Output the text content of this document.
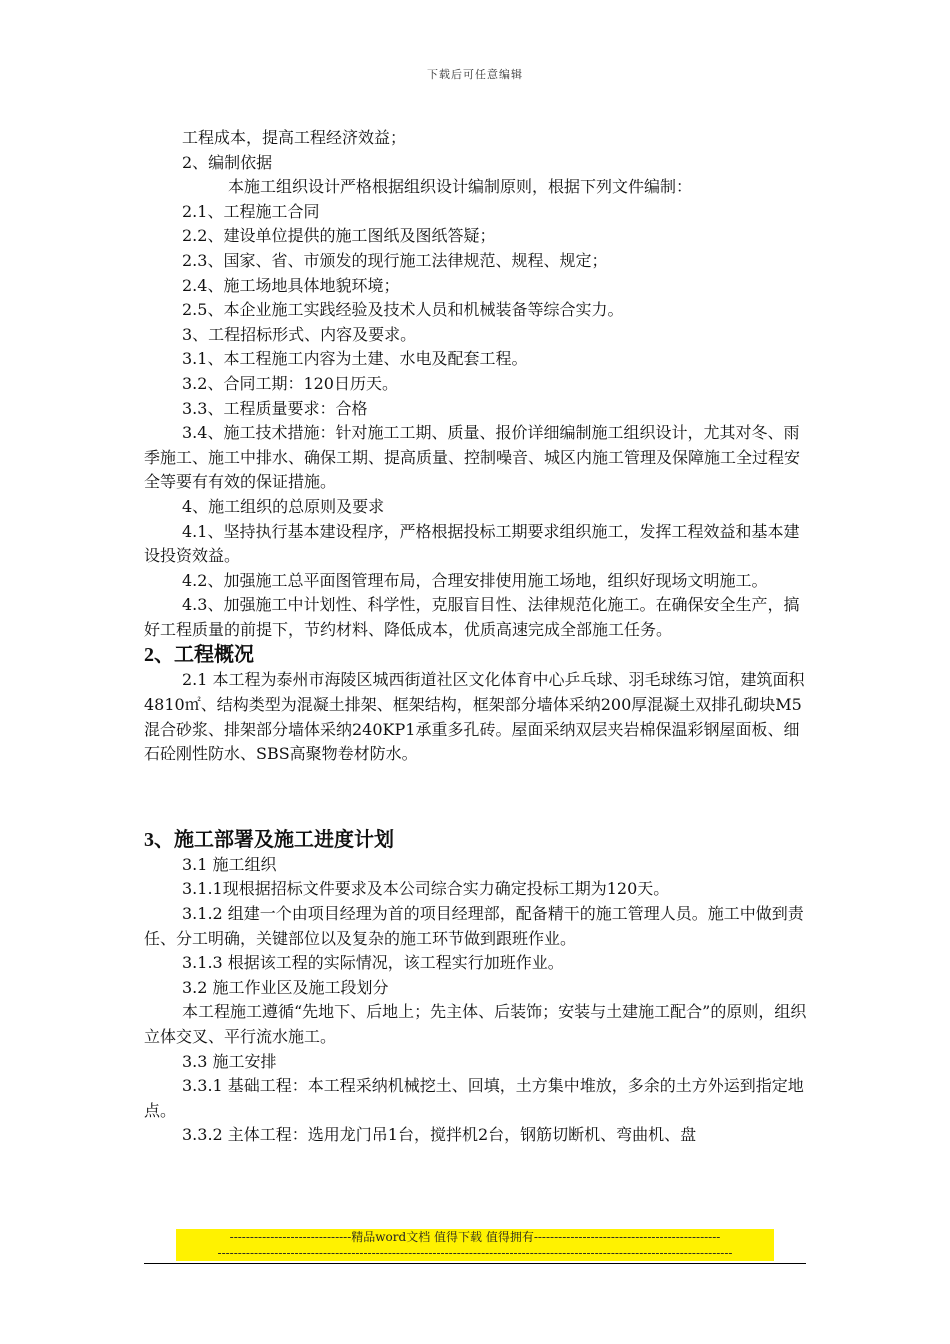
下载后可任意编辑
工程成本，提高工程经济效益；
2、编制依据
本施工组织设计严格根据组织设计编制原则，根据下列文件编制：
2.1、工程施工合同
2.2、建设单位提供的施工图纸及图纸答疑；
2.3、国家、省、市颁发的现行施工法律规范、规程、规定；
2.4、施工场地具体地貌环境；
2.5、本企业施工实践经验及技术人员和机械装备等综合实力。
3、工程招标形式、内容及要求。
3.1、本工程施工内容为土建、水电及配套工程。
3.2、合同工期：120日历天。
3.3、工程质量要求：合格
3.4、施工技术措施：针对施工工期、质量、报价详细编制施工组织设计，尤其对冬、雨季施工、施工中排水、确保工期、提高质量、控制噪音、城区内施工管理及保障施工全过程安全等要有有效的保证措施。
4、施工组织的总原则及要求
4.1、坚持执行基本建设程序，严格根据投标工期要求组织施工，发挥工程效益和基本建设投资效益。
4.2、加强施工总平面图管理布局，合理安排使用施工场地，组织好现场文明施工。
4.3、加强施工中计划性、科学性，克服盲目性、法律规范化施工。在确保安全生产，搞好工程质量的前提下，节约材料、降低成本，优质高速完成全部施工任务。
2、工程概况
2.1 本工程为泰州市海陵区城西街道社区文化体育中心乒乓球、羽毛球练习馆，建筑面积4810㎡、结构类型为混凝土排架、框架结构，框架部分墙体采纳200厚混凝土双排孔砌块M5混合砂浆、排架部分墙体采纳240KP1承重多孔砖。屋面采纳双层夹岩棉保温彩钢屋面板、细石砼刚性防水、SBS高聚物卷材防水。
3、施工部署及施工进度计划
3.1 施工组织
3.1.1现根据招标文件要求及本公司综合实力确定投标工期为120天。
3.1.2 组建一个由项目经理为首的项目经理部，配备精干的施工管理人员。施工中做到责任、分工明确，关键部位以及复杂的施工环节做到跟班作业。
3.1.3 根据该工程的实际情况，该工程实行加班作业。
3.2 施工作业区及施工段划分
本工程施工遵循“先地下、后地上；先主体、后装饰；安装与土建施工配合”的原则，组织立体交叉、平行流水施工。
3.3 施工安排
3.3.1 基础工程：本工程采纳机械挖土、回填，土方集中堆放，多余的土方外运到指定地点。
3.3.2 主体工程：选用龙门吊1台，搅拌机2台，钢筋切断机、弯曲机、盘
------------------------------精品word文档 值得下载 值得拥有----------------------------------------------
-------------------------------------------------------------------------------------------------------------------------------
